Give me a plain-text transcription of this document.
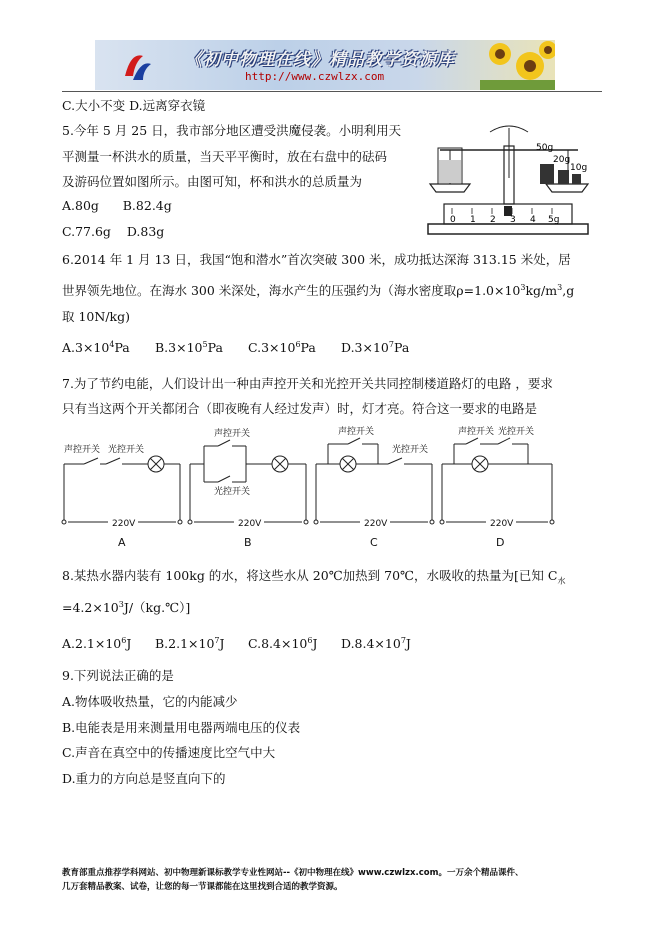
《初中物理在线》精品教学资源库
http://www.czwlzx.com
C.大小不变 D.远离穿衣镜
5.今年 5 月 25 日，我市部分地区遭受洪魔侵袭。小明利用天
平测量一杯洪水的质量，当天平平衡时，放在右盘中的砝码
及游码位置如图所示。由图可知，杯和洪水的总质量为
A.80g      B.82.4g
C.77.6g    D.83g
0 1 2 3 4 5g
50g
20g
10g
6.2014 年 1 月 13 日，我国“饱和潜水”首次突破 300 米，成功抵达深海 313.15 米处，居
世界领先地位。在海水 300 米深处，海水产生的压强约为（海水密度取$\rho=1.0\times 10^3kg/m^3,g$
取 10N/kg)
$A.3\times 10^4Pa$ $B.3\times 10^5Pa$ $C.3\times 10^6Pa$ $D.3\times 10^7Pa$
7.为了节约电能，人们设计出一种由声控开关和光控开关共同控制楼道路灯的电路 ，要求
只有当这两个开关都闭合（即夜晚有人经过发声）时，灯才亮。符合这一要求的电路是
声控开关 光控开关
声控开关
光控开关
声控开关
光控开关
声控开关 光控开关
220V	220V	220V	220V
A	B	C	D
8.某热水器内装有 100kg 的水，将这些水从 20℃加热到 70℃，水吸收的热量为[已知 $C_水$
$=4.2\times 10^3J/(kg.℃)$]
$A.2.1\times 10^6J$ $B.2.1\times 10^7J$ $C.8.4\times 10^6J$ $D.8.4\times 10^7J$
9.下列说法正确的是
A.物体吸收热量，它的内能减少
B.电能表是用来测量用电器两端电压的仪表
C.声音在真空中的传播速度比空气中大
D.重力的方向总是竖直向下的
教育部重点推荐学科网站、初中物理新课标教学专业性网站--《初中物理在线》www.czwlzx.com。一万余个精品课件、
几万套精品教案、试卷，让您的每一节课都能在这里找到合适的教学资源。
